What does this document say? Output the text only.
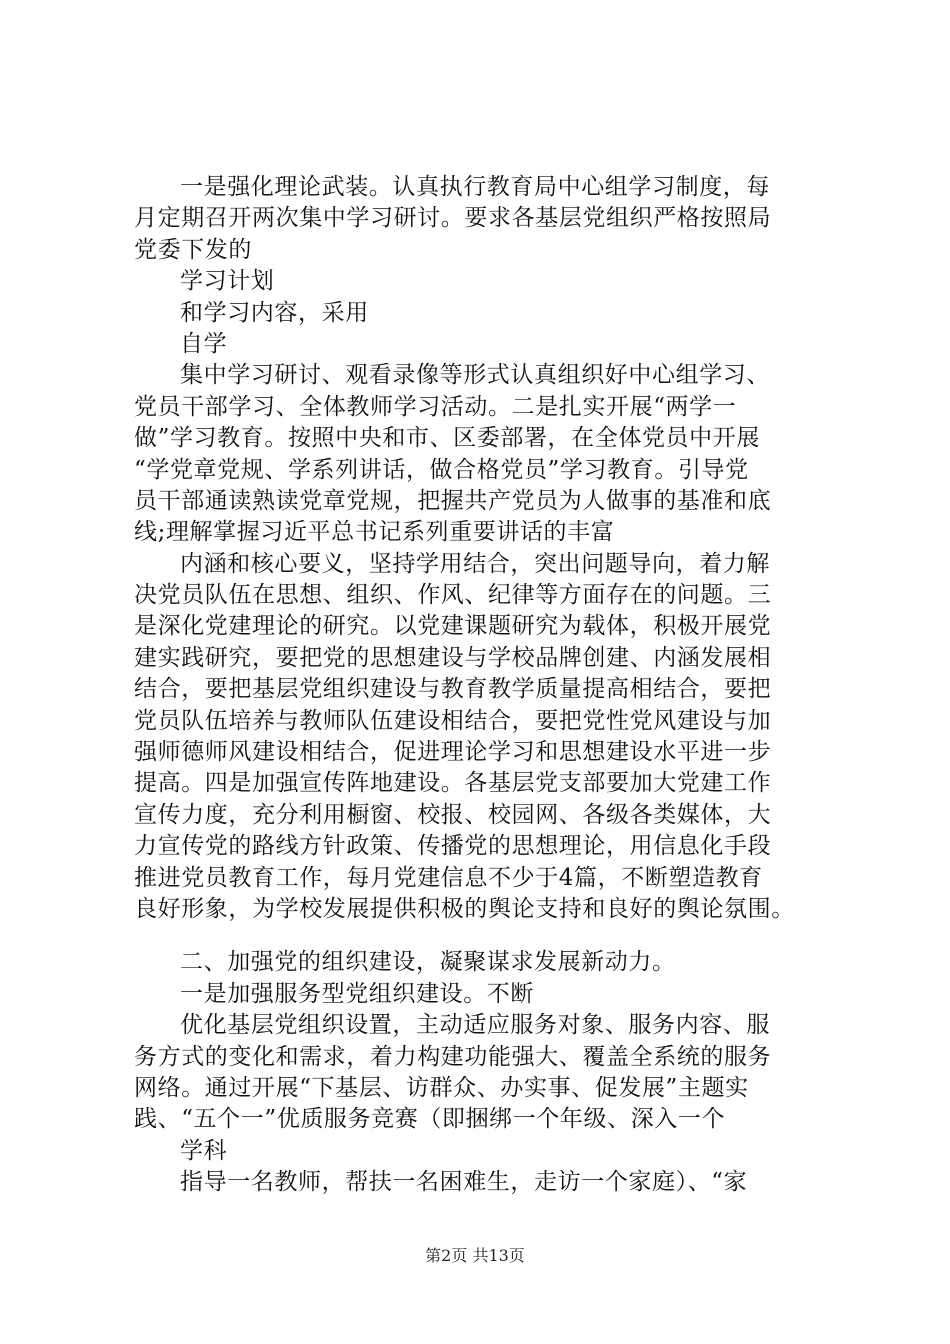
一是强化理论武装。认真执行教育局中心组学习制度，每
月定期召开两次集中学习研讨。要求各基层党组织严格按照局
党委下发的
学习计划
和学习内容，采用
自学
集中学习研讨、观看录像等形式认真组织好中心组学习、
党员干部学习、全体教师学习活动。二是扎实开展“两学一
做”学习教育。按照中央和市、区委部署，在全体党员中开展
“学党章党规、学系列讲话，做合格党员”学习教育。引导党
员干部通读熟读党章党规，把握共产党员为人做事的基准和底
线;理解掌握习近平总书记系列重要讲话的丰富
内涵和核心要义，坚持学用结合，突出问题导向，着力解
决党员队伍在思想、组织、作风、纪律等方面存在的问题。三
是深化党建理论的研究。以党建课题研究为载体，积极开展党
建实践研究，要把党的思想建设与学校品牌创建、内涵发展相
结合，要把基层党组织建设与教育教学质量提高相结合，要把
党员队伍培养与教师队伍建设相结合，要把党性党风建设与加
强师德师风建设相结合，促进理论学习和思想建设水平进一步
提高。四是加强宣传阵地建设。各基层党支部要加大党建工作
宣传力度，充分利用橱窗、校报、校园网、各级各类媒体，大
力宣传党的路线方针政策、传播党的思想理论，用信息化手段
推进党员教育工作，每月党建信息不少于4篇，不断塑造教育
良好形象，为学校发展提供积极的舆论支持和良好的舆论氛围。
二、加强党的组织建设，凝聚谋求发展新动力。
一是加强服务型党组织建设。不断
优化基层党组织设置，主动适应服务对象、服务内容、服
务方式的变化和需求，着力构建功能强大、覆盖全系统的服务
网络。通过开展“下基层、访群众、办实事、促发展”主题实
践、“五个一”优质服务竞赛（即捆绑一个年级、深入一个
学科
指导一名教师，帮扶一名困难生，走访一个家庭）、“家
第2页 共13页
